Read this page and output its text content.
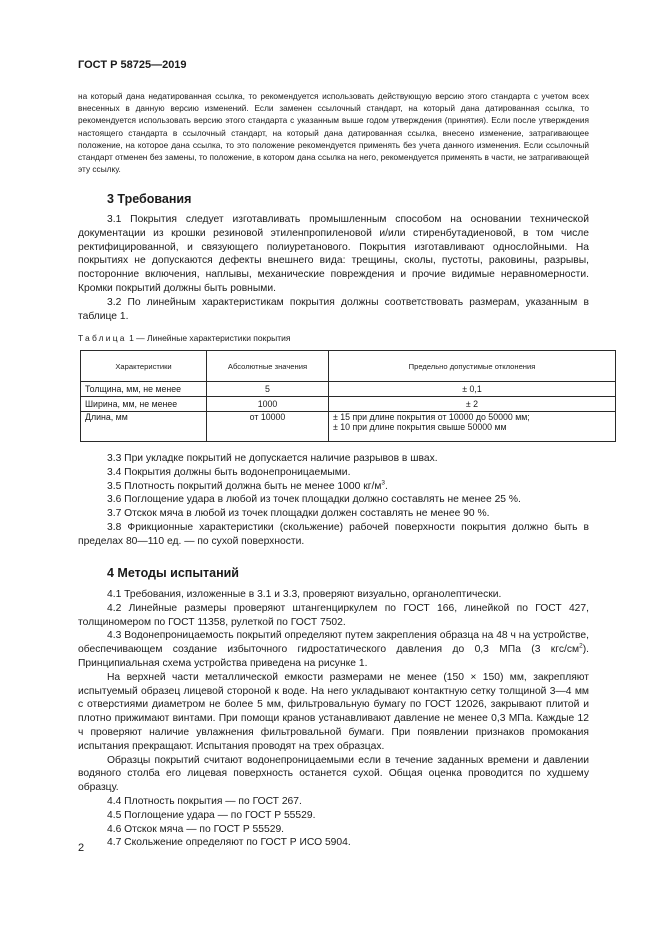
ГОСТ Р 58725—2019

на который дана недатированная ссылка, то рекомендуется использовать действующую версию этого стандарта с учетом всех внесенных в данную версию изменений. Если заменен ссылочный стандарт, на который дана датированная ссылка, то рекомендуется использовать версию этого стандарта с указанным выше годом утверждения (принятия). Если после утверждения настоящего стандарта в ссылочный стандарт, на который дана датированная ссылка, внесено изменение, затрагивающее положение, на которое дана ссылка, то это положение рекомендуется применять без учета данного изменения. Если ссылочный стандарт отменен без замены, то положение, в котором дана ссылка на него, рекомендуется применять в части, не затрагивающей эту ссылку.

3 Требования

3.1 Покрытия следует изготавливать промышленным способом на основании технической документации из крошки резиновой этиленпропиленовой и/или стиренбутадиеновой, в том числе ректифицированной, и связующего полиуретанового. Покрытия изготавливают однослойными. На покрытиях не допускаются дефекты внешнего вида: трещины, сколы, пустоты, раковины, разрывы, посторонние включения, наплывы, механические повреждения и прочие видимые неравномерности. Кромки покрытий должны быть ровными.

3.2 По линейным характеристикам покрытия должны соответствовать размерам, указанным в таблице 1.

Таблица 1 — Линейные характеристики покрытия
Характеристики	Абсолютные значения	Предельно допустимые отклонения
Толщина, мм, не менее	5	± 0,1
Ширина, мм, не менее	1000	± 2
Длина, мм	от 10000	± 15 при длине покрытия от 10000 до 50000 мм;
± 10 при длине покрытия свыше 50000 мм

3.3 При укладке покрытий не допускается наличие разрывов в швах.

3.4 Покрытия должны быть водонепроницаемыми.

3.5 Плотность покрытий должна быть не менее 1000 $кг/м^3$.

3.6 Поглощение удара в любой из точек площадки должно составлять не менее 25 %.

3.7 Отскок мяча в любой из точек площадки должен составлять не менее 90 %.

3.8 Фрикционные характеристики (скольжение) рабочей поверхности покрытия должно быть в пределах 80—110 ед. — по сухой поверхности.

4 Методы испытаний

4.1 Требования, изложенные в 3.1 и 3.3, проверяют визуально, органолептически.

4.2 Линейные размеры проверяют штангенциркулем по ГОСТ 166, линейкой по ГОСТ 427, толщиномером по ГОСТ 11358, рулеткой по ГОСТ 7502.

4.3 Водонепроницаемость покрытий определяют путем закрепления образца на 48 ч на устройстве, обеспечивающем создание избыточного гидростатического давления до 0,3 МПа (3 кгс/$см^2$). Принципиальная схема устройства приведена на рисунке 1.

На верхней части металлической емкости размерами не менее (150 × 150) мм, закрепляют испытуемый образец лицевой стороной к воде. На него укладывают контактную сетку толщиной 3—4 мм с отверстиями диаметром не более 5 мм, фильтровальную бумагу по ГОСТ 12026, закрывают плитой и плотно прижимают винтами. При помощи кранов устанавливают давление не менее 0,3 МПа. Каждые 12 ч проверяют наличие увлажнения фильтровальной бумаги. При появлении признаков промокания испытания прекращают. Испытания проводят на трех образцах.

Образцы покрытий считают водонепроницаемыми если в течение заданных времени и давлении водяного столба его лицевая поверхность останется сухой. Общая оценка проводится по худшему образцу.

4.4 Плотность покрытия — по ГОСТ 267.

4.5 Поглощение удара — по ГОСТ Р 55529.

4.6 Отскок мяча — по ГОСТ Р 55529.

4.7 Скольжение определяют по ГОСТ Р ИСО 5904.

2
